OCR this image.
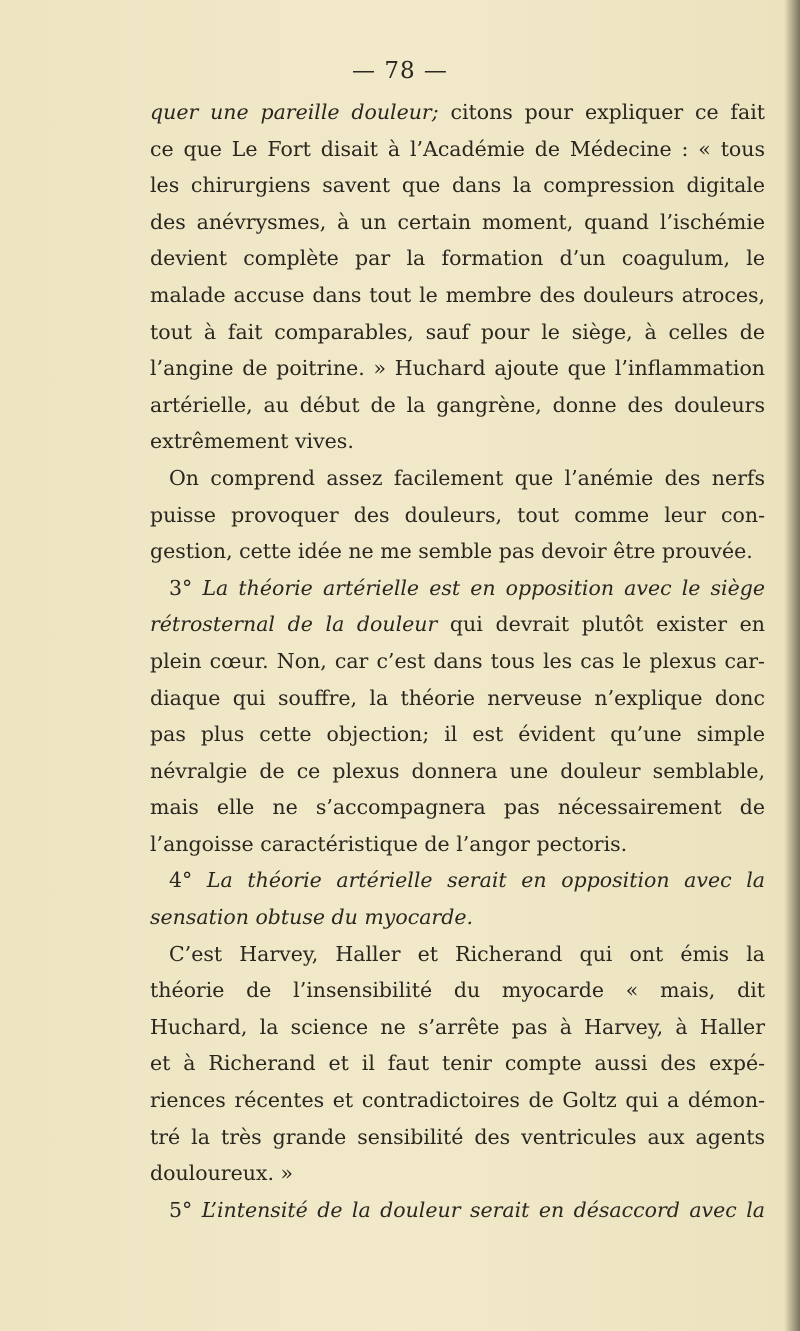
— 78 —
quer une pareille douleur; citons pour expliquer ce fait
ce que Le Fort disait à l’Académie de Médecine : « tous
les chirurgiens savent que dans la compression digitale
des anévrysmes, à un certain moment, quand l’ischémie
devient complète par la formation d’un coagulum, le
malade accuse dans tout le membre des douleurs atroces,
tout à fait comparables, sauf pour le siège, à celles de
l’angine de poitrine. » Huchard ajoute que l’inflammation
artérielle, au début de la gangrène, donne des douleurs
extrêmement vives.
On comprend assez facilement que l’anémie des nerfs
puisse provoquer des douleurs, tout comme leur con-
gestion, cette idée ne me semble pas devoir être prouvée.
3° La théorie artérielle est en opposition avec le siège
rétrosternal de la douleur qui devrait plutôt exister en
plein cœur. Non, car c’est dans tous les cas le plexus car-
diaque qui souffre, la théorie nerveuse n’explique donc
pas plus cette objection; il est évident qu’une simple
névralgie de ce plexus donnera une douleur semblable,
mais elle ne s’accompagnera pas nécessairement de
l’angoisse caractéristique de l’angor pectoris.
4° La théorie artérielle serait en opposition avec la
sensation obtuse du myocarde.
C’est Harvey, Haller et Richerand qui ont émis la
théorie de l’insensibilité du myocarde « mais, dit
Huchard, la science ne s’arrête pas à Harvey, à Haller
et à Richerand et il faut tenir compte aussi des expé-
riences récentes et contradictoires de Goltz qui a démon-
tré la très grande sensibilité des ventricules aux agents
douloureux. »
5° L’intensité de la douleur serait en désaccord avec la
